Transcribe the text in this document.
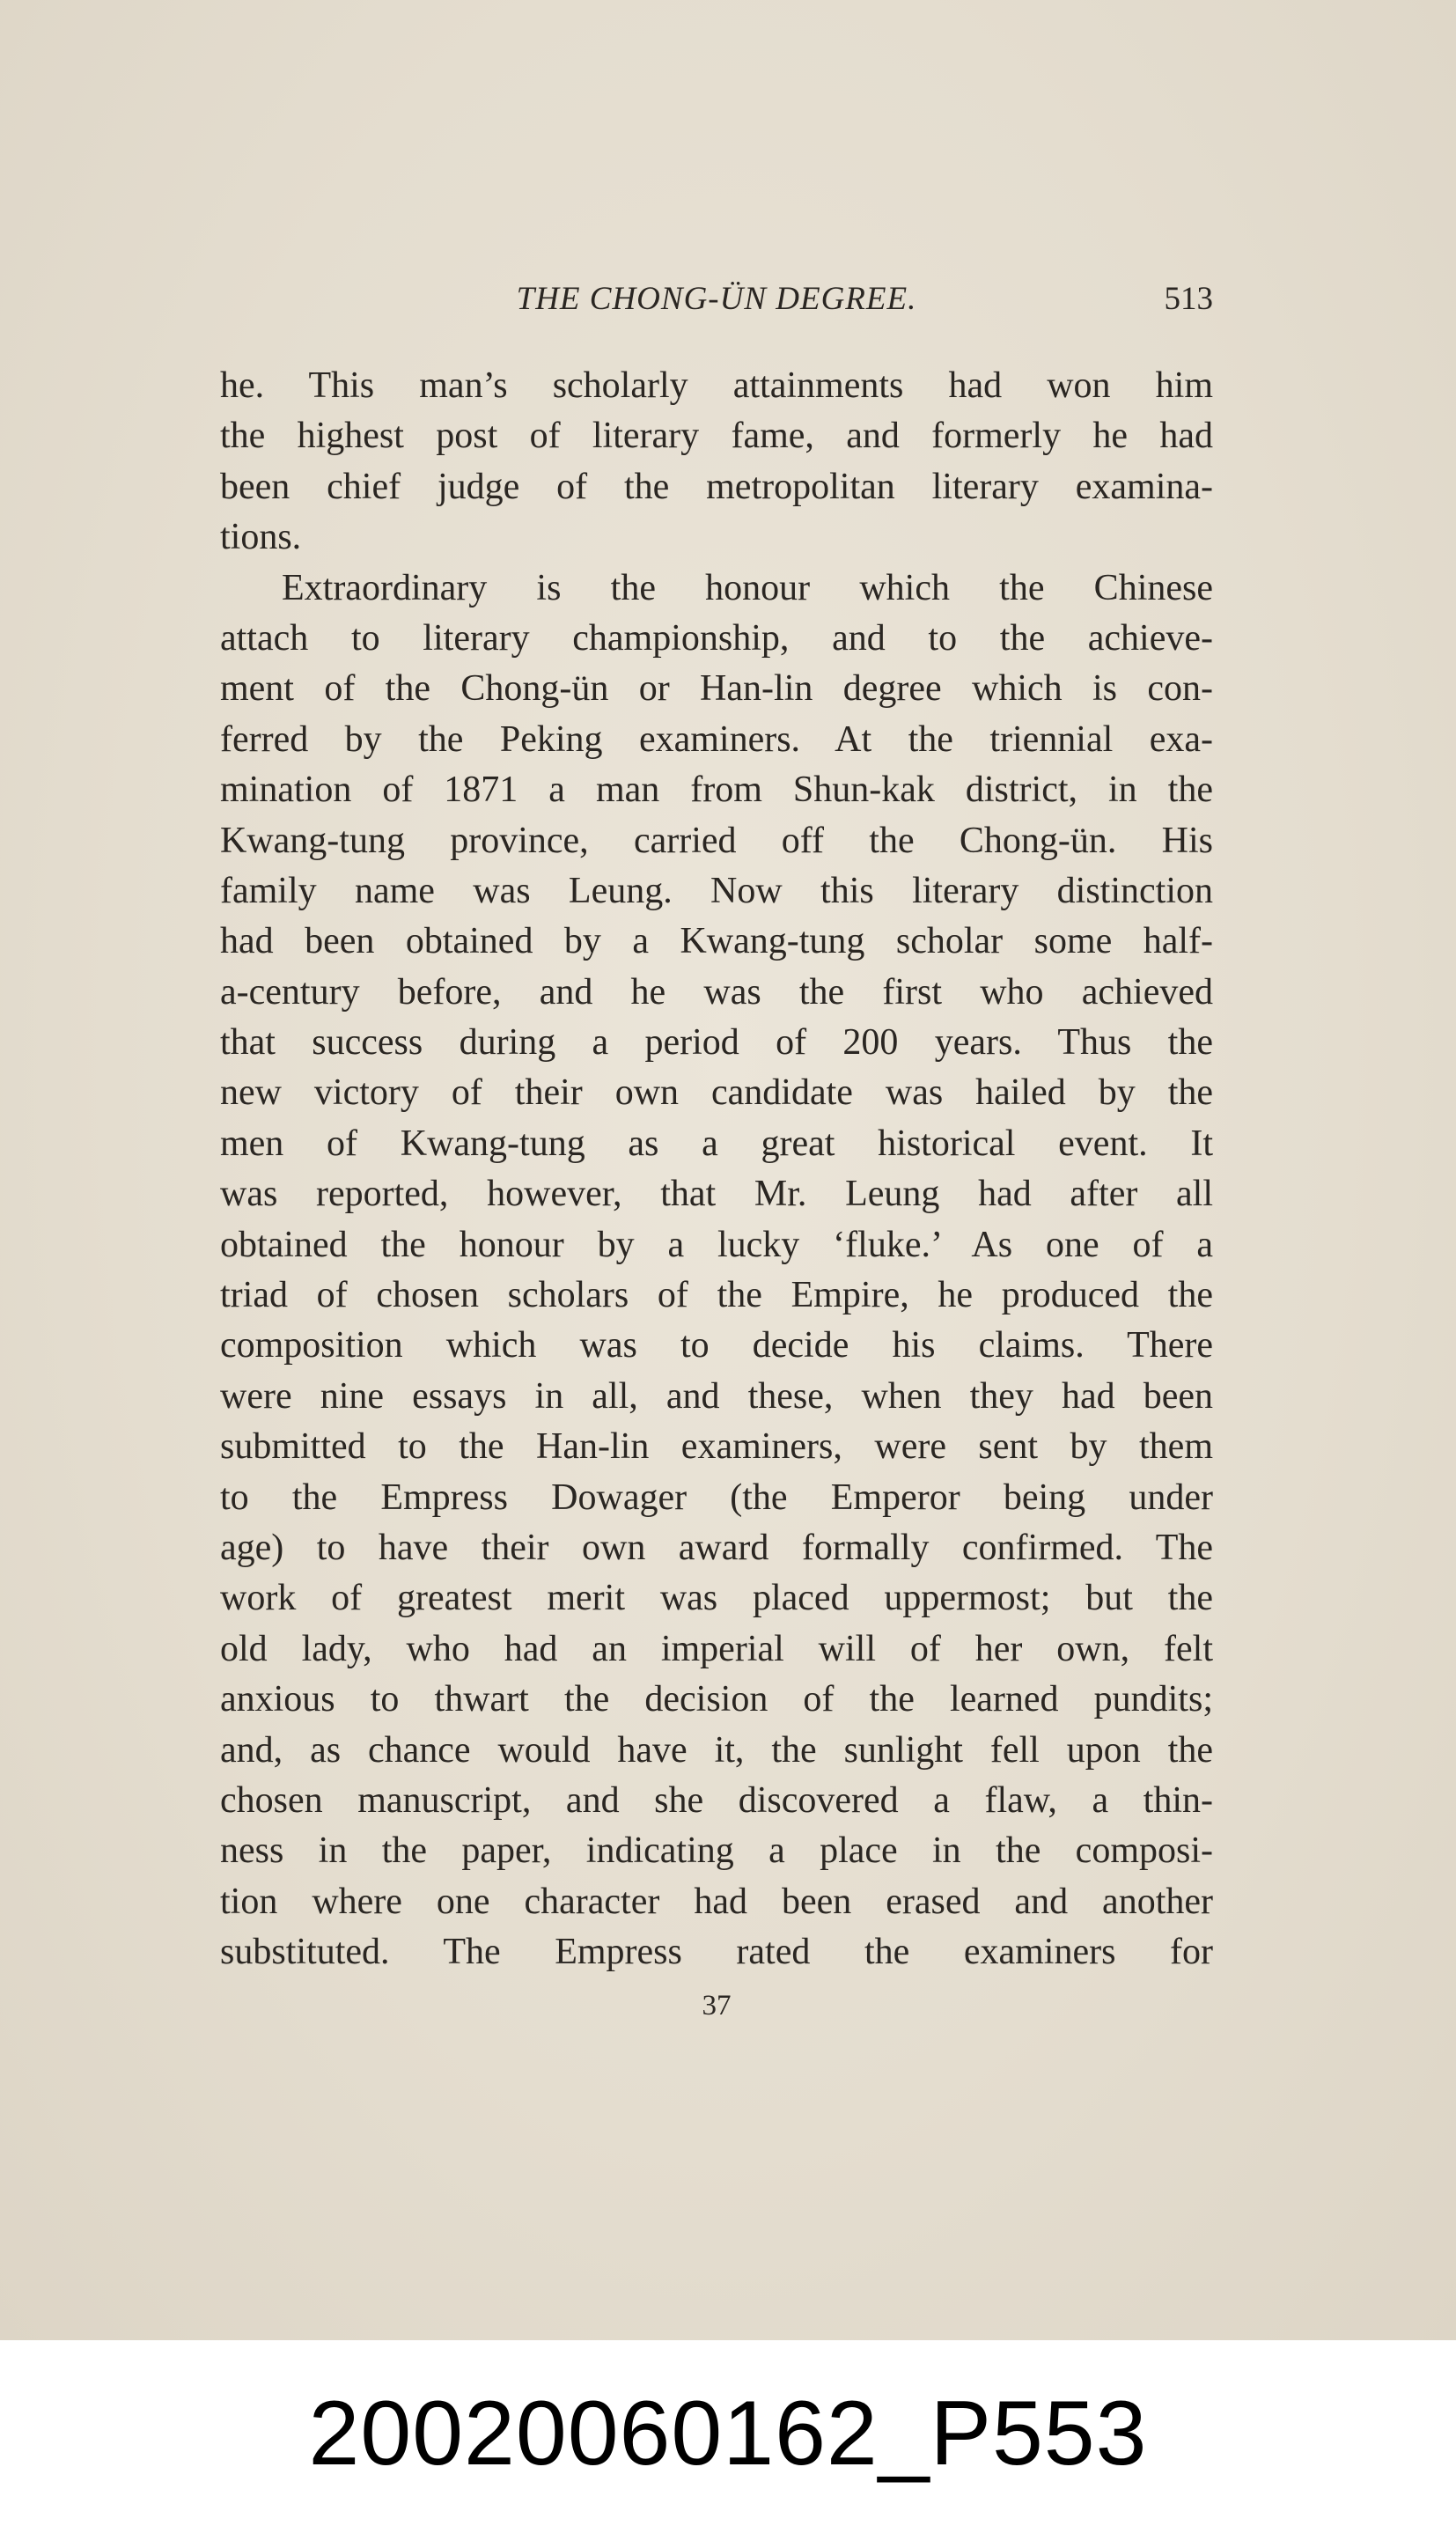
THE CHONG-ÜN DEGREE.	513
he. This man’s scholarly attainments had won him
the highest post of literary fame, and formerly he had
been chief judge of the metropolitan literary examina-
tions.
Extraordinary is the honour which the Chinese
attach to literary championship, and to the achieve-
ment of the Chong-ün or Han-lin degree which is con-
ferred by the Peking examiners. At the triennial exa-
mination of 1871 a man from Shun-kak district, in the
Kwang-tung province, carried off the Chong-ün. His
family name was Leung. Now this literary distinction
had been obtained by a Kwang-tung scholar some half-
a-century before, and he was the first who achieved
that success during a period of 200 years. Thus the
new victory of their own candidate was hailed by the
men of Kwang-tung as a great historical event. It
was reported, however, that Mr. Leung had after all
obtained the honour by a lucky ‘fluke.’ As one of a
triad of chosen scholars of the Empire, he produced the
composition which was to decide his claims. There
were nine essays in all, and these, when they had been
submitted to the Han-lin examiners, were sent by them
to the Empress Dowager (the Emperor being under
age) to have their own award formally confirmed. The
work of greatest merit was placed uppermost; but the
old lady, who had an imperial will of her own, felt
anxious to thwart the decision of the learned pundits;
and, as chance would have it, the sunlight fell upon the
chosen manuscript, and she discovered a flaw, a thin-
ness in the paper, indicating a place in the composi-
tion where one character had been erased and another
substituted. The Empress rated the examiners for
37
20020060162_P553
